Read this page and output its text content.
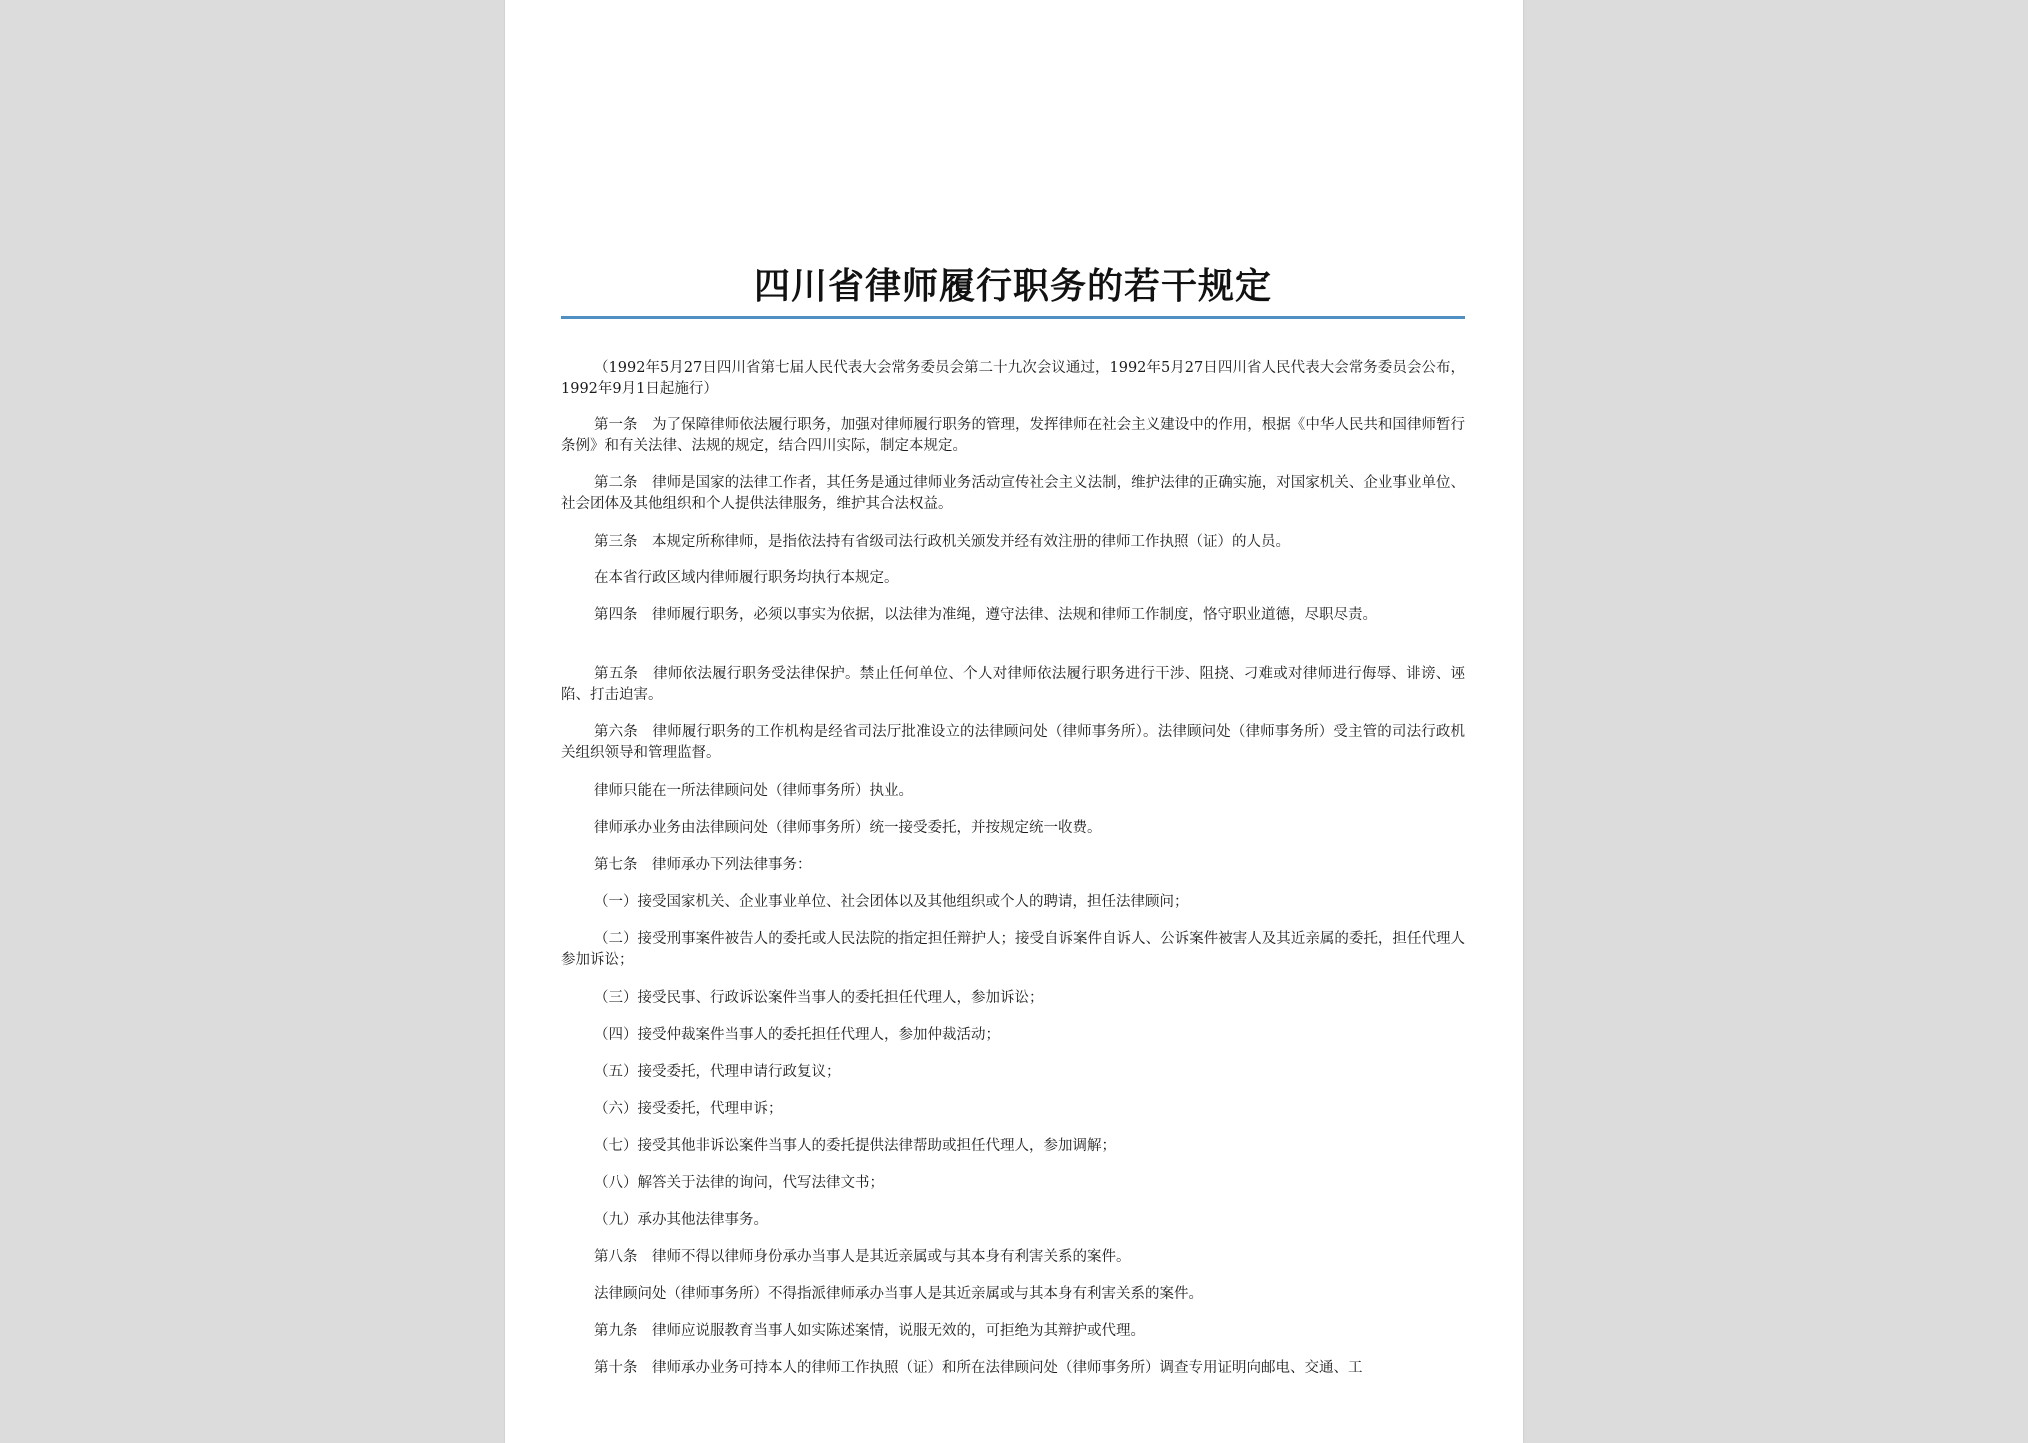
四川省律师履行职务的若干规定

（1992年5月27日四川省第七届人民代表大会常务委员会第二十九次会议通过，1992年5月27日四川省人民代表大会常务委员会公布，1992年9月1日起施行）

第一条　为了保障律师依法履行职务，加强对律师履行职务的管理，发挥律师在社会主义建设中的作用，根据《中华人民共和国律师暂行条例》和有关法律、法规的规定，结合四川实际，制定本规定。

第二条　律师是国家的法律工作者，其任务是通过律师业务活动宣传社会主义法制，维护法律的正确实施，对国家机关、企业事业单位、社会团体及其他组织和个人提供法律服务，维护其合法权益。

第三条　本规定所称律师，是指依法持有省级司法行政机关颁发并经有效注册的律师工作执照（证）的人员。

在本省行政区域内律师履行职务均执行本规定。

第四条　律师履行职务，必须以事实为依据，以法律为准绳，遵守法律、法规和律师工作制度，恪守职业道德，尽职尽责。

第五条　律师依法履行职务受法律保护。禁止任何单位、个人对律师依法履行职务进行干涉、阻挠、刁难或对律师进行侮辱、诽谤、诬陷、打击迫害。

第六条　律师履行职务的工作机构是经省司法厅批准设立的法律顾问处（律师事务所）。法律顾问处（律师事务所）受主管的司法行政机关组织领导和管理监督。

律师只能在一所法律顾问处（律师事务所）执业。

律师承办业务由法律顾问处（律师事务所）统一接受委托，并按规定统一收费。

第七条　律师承办下列法律事务：

（一）接受国家机关、企业事业单位、社会团体以及其他组织或个人的聘请，担任法律顾问；

（二）接受刑事案件被告人的委托或人民法院的指定担任辩护人；接受自诉案件自诉人、公诉案件被害人及其近亲属的委托，担任代理人参加诉讼；

（三）接受民事、行政诉讼案件当事人的委托担任代理人，参加诉讼；

（四）接受仲裁案件当事人的委托担任代理人，参加仲裁活动；

（五）接受委托，代理申请行政复议；

（六）接受委托，代理申诉；

（七）接受其他非诉讼案件当事人的委托提供法律帮助或担任代理人，参加调解；

（八）解答关于法律的询问，代写法律文书；

（九）承办其他法律事务。

第八条　律师不得以律师身份承办当事人是其近亲属或与其本身有利害关系的案件。

法律顾问处（律师事务所）不得指派律师承办当事人是其近亲属或与其本身有利害关系的案件。

第九条　律师应说服教育当事人如实陈述案情，说服无效的，可拒绝为其辩护或代理。

第十条　律师承办业务可持本人的律师工作执照（证）和所在法律顾问处（律师事务所）调查专用证明向邮电、交通、工
